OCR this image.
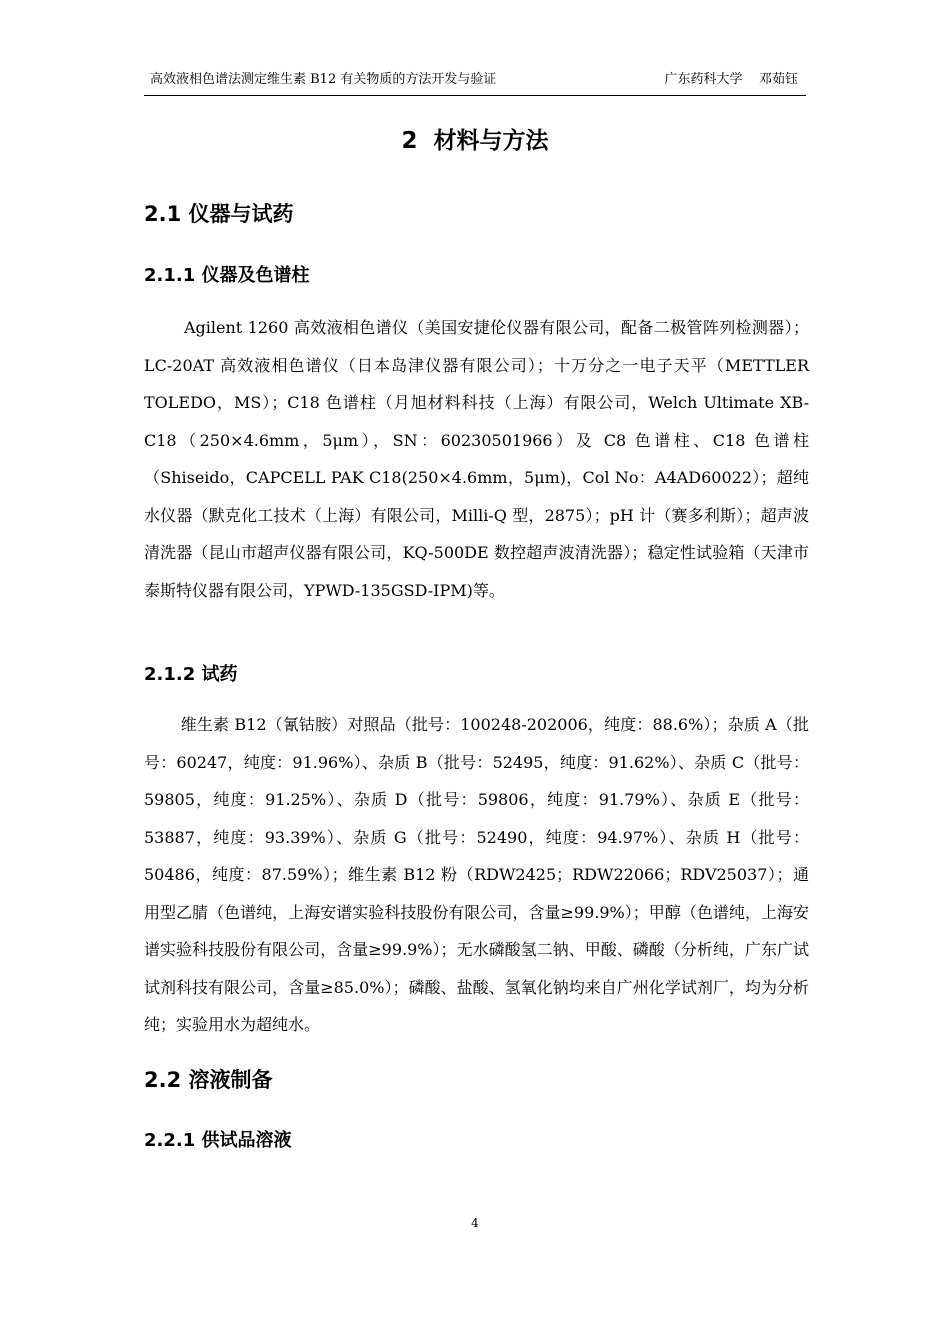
高效液相色谱法测定维生素 B12 有关物质的方法开发与验证	广东药科大学    邓茹钰
2  材料与方法
2.1 仪器与试药
2.1.1 仪器及色谱柱

Agilent 1260 高效液相色谱仪（美国安捷伦仪器有限公司，配备二极管阵列检测器）；LC-20AT 高效液相色谱仪（日本岛津仪器有限公司）；十万分之一电子天平（METTLER TOLEDO，MS）；C18 色谱柱（月旭材料科技（上海）有限公司，Welch Ultimate XB-C18（250×4.6mm，5μm），SN：60230501966）及 C8 色谱柱、C18 色谱柱（Shiseido，CAPCELL PAK C18(250×4.6mm，5μm)，Col No：A4AD60022）；超纯水仪器（默克化工技术（上海）有限公司，Milli-Q 型，2875）；pH 计（赛多利斯）；超声波清洗器（昆山市超声仪器有限公司，KQ-500DE 数控超声波清洗器）；稳定性试验箱（天津市泰斯特仪器有限公司，YPWD-135GSD-IPM)等。

2.1.2 试药

维生素 B12（氰钴胺）对照品（批号：100248-202006，纯度：88.6%）；杂质 A（批号：60247，纯度：91.96%）、杂质 B（批号：52495，纯度：91.62%）、杂质 C（批号：59805，纯度：91.25%）、杂质 D（批号：59806，纯度：91.79%）、杂质 E（批号：53887，纯度：93.39%）、杂质 G（批号：52490，纯度：94.97%）、杂质 H（批号：50486，纯度：87.59%）；维生素 B12 粉（RDW2425；RDW22066；RDV25037）；通用型乙腈（色谱纯，上海安谱实验科技股份有限公司，含量≥99.9%）；甲醇（色谱纯，上海安谱实验科技股份有限公司，含量≥99.9%）；无水磷酸氢二钠、甲酸、磷酸（分析纯，广东广试试剂科技有限公司，含量≥85.0%）；磷酸、盐酸、氢氧化钠均来自广州化学试剂厂，均为分析纯；实验用水为超纯水。

2.2 溶液制备
2.2.1 供试品溶液
4
